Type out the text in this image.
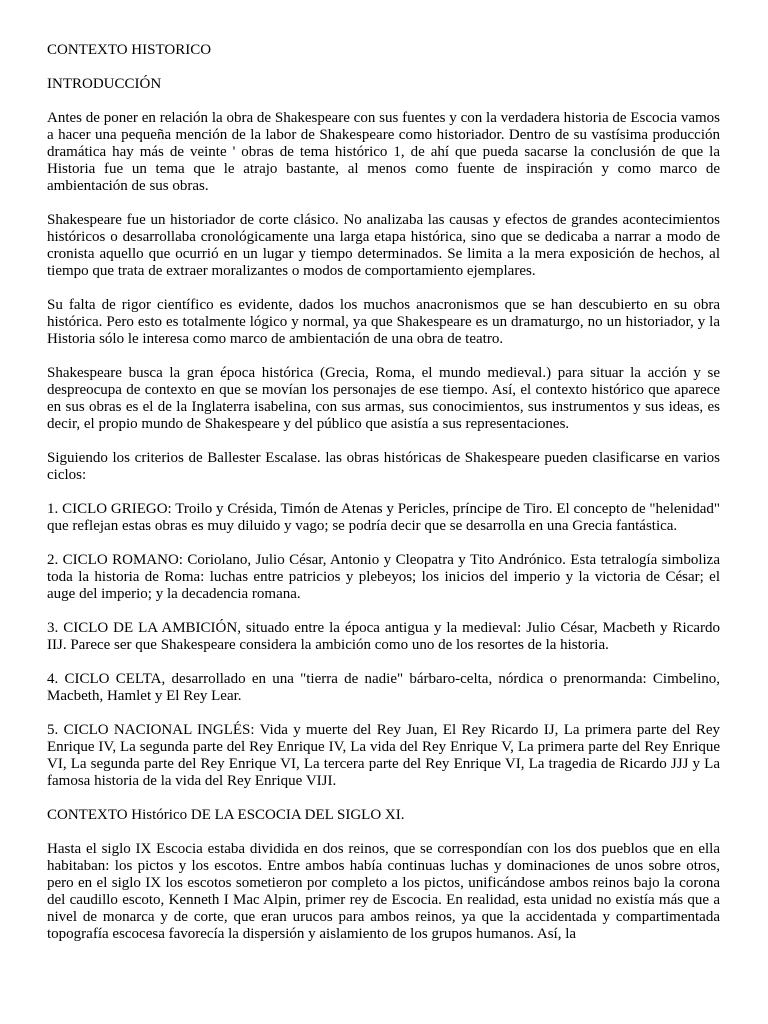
CONTEXTO HISTORICO
INTRODUCCIÓN
Antes de poner en relación la obra de Shakespeare con sus fuentes y con la verdadera historia de Escocia vamos a hacer una pequeña mención de la labor de Shakespeare como historiador. Dentro de su vastísima producción dramática hay más de veinte ' obras de tema histórico 1, de ahí que pueda sacarse la conclusión de que la Historia fue un tema que le atrajo bastante, al menos como fuente de inspiración y como marco de ambientación de sus obras.
Shakespeare fue un historiador de corte clásico. No analizaba las causas y efectos de grandes acontecimientos históricos o desarrollaba cronológicamente una larga etapa histórica, sino que se dedicaba a narrar a modo de cronista aquello que ocurrió en un lugar y tiempo determinados. Se limita a la mera exposición de hechos, al tiempo que trata de extraer moralizantes o modos de comportamiento ejemplares.
Su falta de rigor científico es evidente, dados los muchos anacronismos que se han descubierto en su obra histórica. Pero esto es totalmente lógico y normal, ya que Shakespeare es un dramaturgo, no un historiador, y la Historia sólo le interesa como marco de ambientación de una obra de teatro.
Shakespeare busca la gran época histórica (Grecia, Roma, el mundo medieval.) para situar la acción y se despreocupa de contexto en que se movían los personajes de ese tiempo. Así, el contexto histórico que aparece en sus obras es el de la Inglaterra isabelina, con sus armas, sus conocimientos, sus instrumentos y sus ideas, es decir, el propio mundo de Shakespeare y del público que asistía a sus representaciones.
Siguiendo los criterios de Ballester Escalase. las obras históricas de Shakespeare pueden clasificarse en varios ciclos:
1. CICLO GRIEGO: Troilo y Crésida, Timón de Atenas y Pericles, príncipe de Tiro. El concepto de "helenidad" que reflejan estas obras es muy diluido y vago; se podría decir que se desarrolla en una Grecia fantástica.
2. CICLO ROMANO: Coriolano, Julio César, Antonio y Cleopatra y Tito Andrónico. Esta tetralogía simboliza toda la historia de Roma: luchas entre patricios y plebeyos; los inicios del imperio y la victoria de César; el auge del imperio; y la decadencia romana.
3. CICLO DE LA AMBICIÓN, situado entre la época antigua y la medieval: Julio César, Macbeth y Ricardo IIJ. Parece ser que Shakespeare considera la ambición como uno de los resortes de la historia.
4. CICLO CELTA, desarrollado en una "tierra de nadie" bárbaro-celta, nórdica o prenormanda: Cimbelino, Macbeth, Hamlet y El Rey Lear.
5. CICLO NACIONAL INGLÉS: Vida y muerte del Rey Juan, El Rey Ricardo IJ, La primera parte del Rey Enrique IV, La segunda parte del Rey Enrique IV, La vida del Rey Enrique V, La primera parte del Rey Enrique VI, La segunda parte del Rey Enrique VI, La tercera parte del Rey Enrique VI, La tragedia de Ricardo JJJ y La famosa historia de la vida del Rey Enrique VIJI.
CONTEXTO Histórico DE LA ESCOCIA DEL SIGLO XI.
Hasta el siglo IX Escocia estaba dividida en dos reinos, que se correspondían con los dos pueblos que en ella habitaban: los pictos y los escotos. Entre ambos había continuas luchas y dominaciones de unos sobre otros, pero en el siglo IX los escotos sometieron por completo a los pictos, unificándose ambos reinos bajo la corona del caudillo escoto, Kenneth I Mac Alpin, primer rey de Escocia. En realidad, esta unidad no existía más que a nivel de monarca y de corte, que eran urucos para ambos reinos, ya que la accidentada y compartimentada topografía escocesa favorecía la dispersión y aislamiento de los grupos humanos. Así, la
